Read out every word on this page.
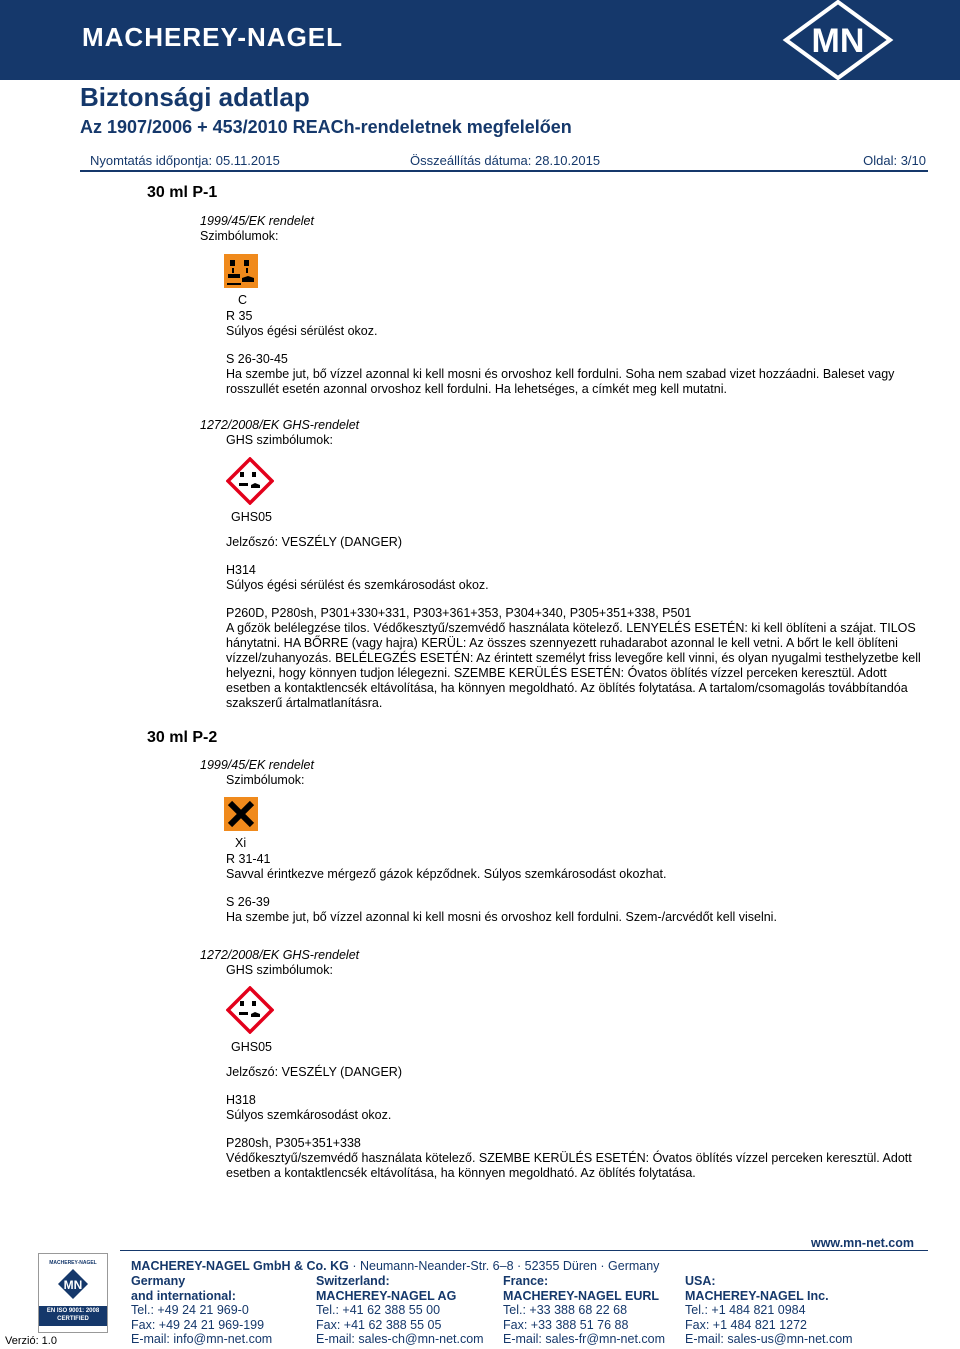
MACHEREY-NAGEL	MN
Biztonsági adatlap
Az 1907/2006 + 453/2010 REACh-rendeletnek megfelelően
Nyomtatás időpontja: 05.11.2015	Összeállítás dátuma: 28.10.2015	Oldal: 3/10
30 ml P-1
1999/45/EK rendelet
Szimbólumok:
C
R 35
Súlyos égési sérülést okoz.
S 26-30-45
Ha szembe jut, bő vízzel azonnal ki kell mosni és orvoshoz kell fordulni. Soha nem szabad vizet hozzáadni. Baleset vagy rosszullét esetén azonnal orvoshoz kell fordulni. Ha lehetséges, a címkét meg kell mutatni.
1272/2008/EK GHS-rendelet
GHS szimbólumok:
GHS05
Jelzőszó: VESZÉLY (DANGER)
H314
Súlyos égési sérülést és szemkárosodást okoz.
P260D, P280sh, P301+330+331, P303+361+353, P304+340, P305+351+338, P501
A gőzök belélegzése tilos. Védőkesztyű/szemvédő használata kötelező. LENYELÉS ESETÉN: ki kell öblíteni a szájat. TILOS hánytatni. HA BŐRRE (vagy hajra) KERÜL: Az összes szennyezett ruhadarabot azonnal le kell vetni. A bőrt le kell öblíteni vízzel/zuhanyozás. BELÉLEGZÉS ESETÉN: Az érintett személyt friss levegőre kell vinni, és olyan nyugalmi testhelyzetbe kell helyezni, hogy könnyen tudjon lélegezni. SZEMBE KERÜLÉS ESETÉN: Óvatos öblítés vízzel perceken keresztül. Adott esetben a kontaktlencsék eltávolítása, ha könnyen megoldható. Az öblítés folytatása. A tartalom/csomagolás továbbítandóa szakszerű ártalmatlanításra.
30 ml P-2
1999/45/EK rendelet
Szimbólumok:
Xi
R 31-41
Savval érintkezve mérgező gázok képződnek. Súlyos szemkárosodást okozhat.
S 26-39
Ha szembe jut, bő vízzel azonnal ki kell mosni és orvoshoz kell fordulni. Szem-/arcvédőt kell viselni.
1272/2008/EK GHS-rendelet
GHS szimbólumok:
GHS05
Jelzőszó: VESZÉLY (DANGER)
H318
Súlyos szemkárosodást okoz.
P280sh, P305+351+338
Védőkesztyű/szemvédő használata kötelező. SZEMBE KERÜLÉS ESETÉN: Óvatos öblítés vízzel perceken keresztül. Adott esetben a kontaktlencsék eltávolítása, ha könnyen megoldható. Az öblítés folytatása.
www.mn-net.com
MACHEREY-NAGEL
MN
EN ISO 9001: 2008
CERTIFIED
Verzió: 1.0
MACHEREY-NAGEL GmbH & Co. KG · Neumann-Neander-Str. 6–8 · 52355 Düren · Germany
Germany
and international:
Tel.: +49 24 21 969-0
Fax: +49 24 21 969-199
E-mail: info@mn-net.com
Switzerland:
MACHEREY-NAGEL AG
Tel.: +41 62 388 55 00
Fax: +41 62 388 55 05
E-mail: sales-ch@mn-net.com
France:
MACHEREY-NAGEL EURL
Tel.: +33 388 68 22 68
Fax: +33 388 51 76 88
E-mail: sales-fr@mn-net.com
USA:
MACHEREY-NAGEL Inc.
Tel.: +1 484 821 0984
Fax: +1 484 821 1272
E-mail: sales-us@mn-net.com
